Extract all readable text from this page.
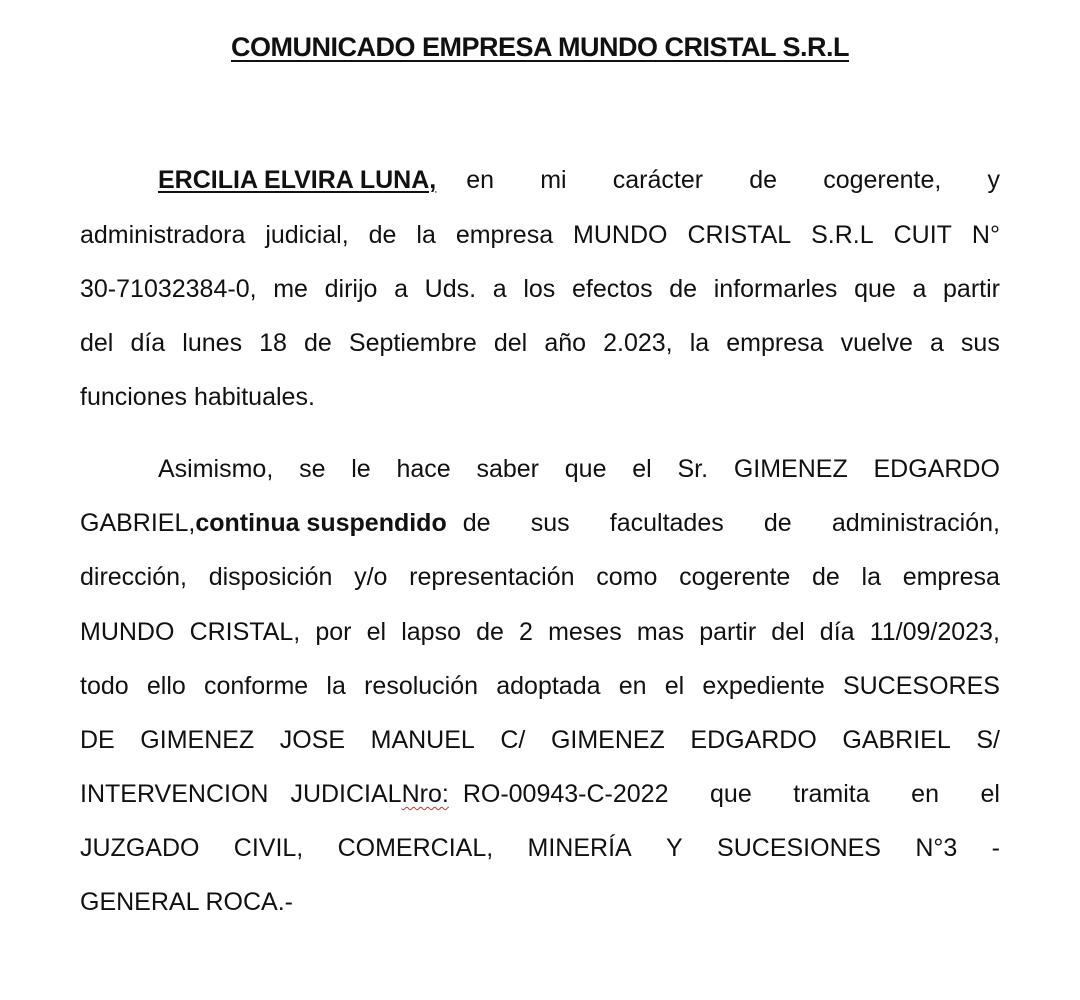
COMUNICADO EMPRESA MUNDO CRISTAL S.R.L
ERCILIA ELVIRA LUNA, en mi carácter de cogerente, y
administradora judicial, de la empresa MUNDO CRISTAL S.R.L CUIT N°
30-71032384-0, me dirijo a Uds. a los efectos de informarles que a partir
del día lunes 18 de Septiembre del año 2.023, la empresa vuelve a sus
funciones habituales.
Asimismo, se le hace saber que el Sr. GIMENEZ EDGARDO
GABRIEL, continua suspendido de sus facultades de administración,
dirección, disposición y/o representación como cogerente de la empresa
MUNDO CRISTAL, por el lapso de 2 meses mas partir del día 11/09/2023,
todo ello conforme la resolución adoptada en el expediente SUCESORES
DE GIMENEZ JOSE MANUEL C/ GIMENEZ EDGARDO GABRIEL S/
INTERVENCION JUDICIAL Nro: RO-00943-C-2022 que tramita en el
JUZGADO CIVIL, COMERCIAL, MINERÍA Y SUCESIONES N°3 -
GENERAL ROCA.-
